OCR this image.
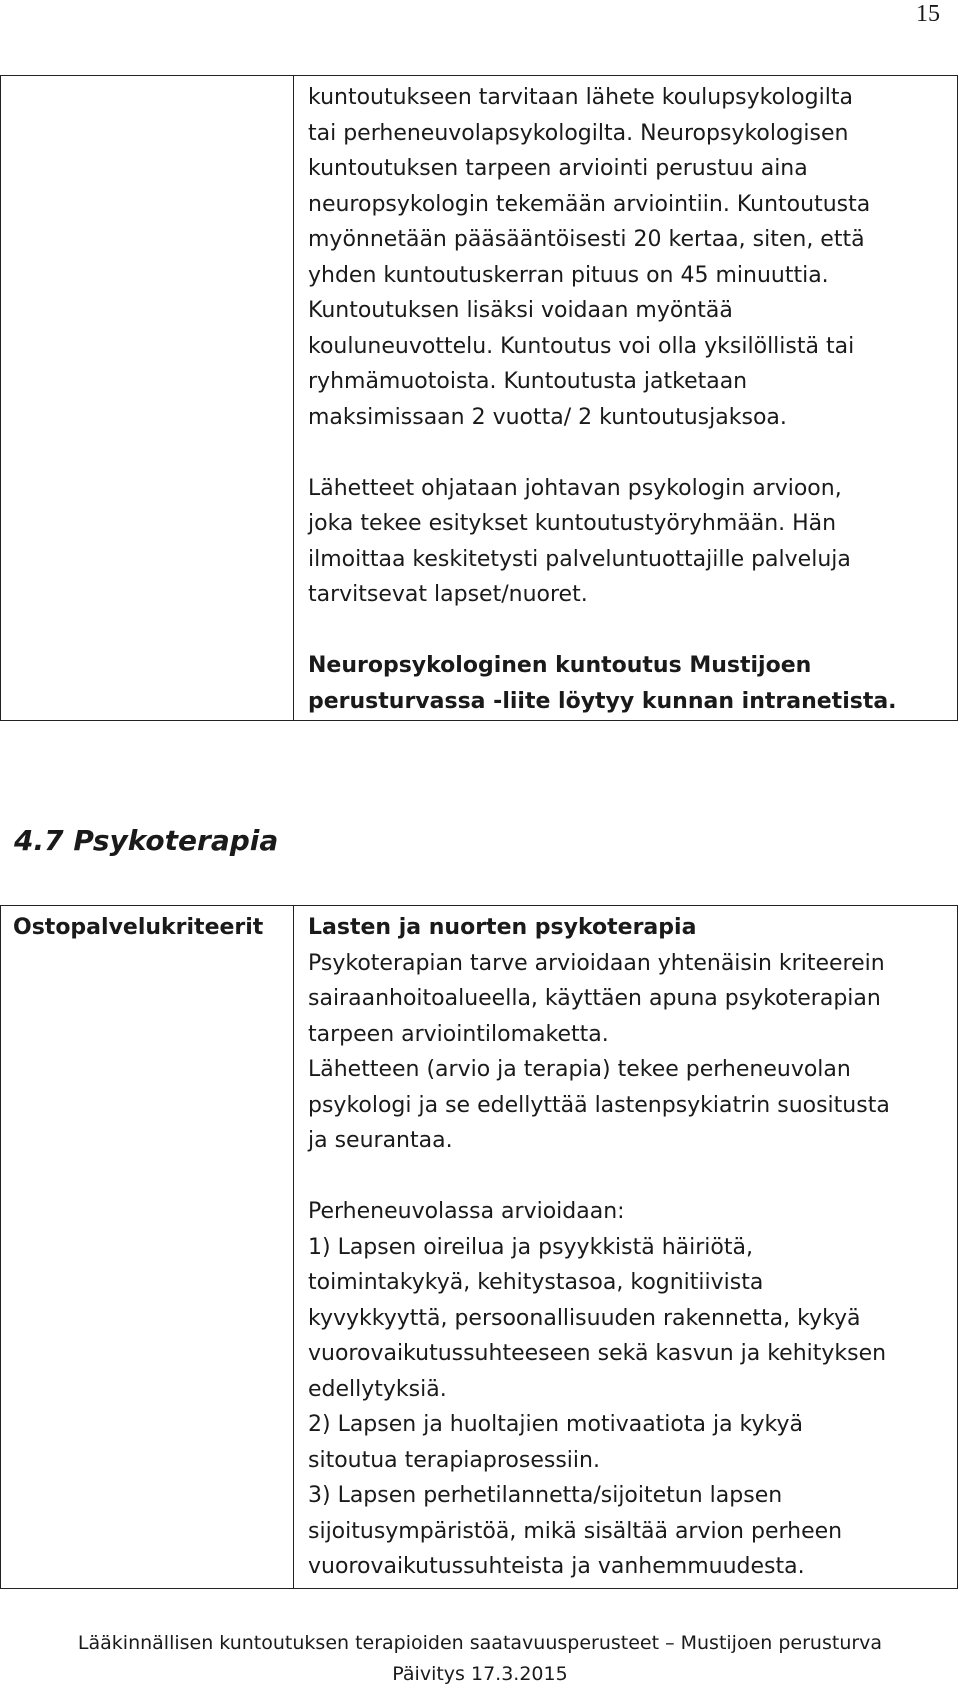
15

kuntoutukseen tarvitaan lähete koulupsykologilta

tai perheneuvolapsykologilta. Neuropsykologisen

kuntoutuksen tarpeen arviointi perustuu aina

neuropsykologin tekemään arviointiin. Kuntoutusta

myönnetään pääsääntöisesti 20 kertaa, siten, että

yhden kuntoutuskerran pituus on 45 minuuttia.

Kuntoutuksen lisäksi voidaan myöntää

kouluneuvottelu. Kuntoutus voi olla yksilöllistä tai

ryhmämuotoista. Kuntoutusta jatketaan

maksimissaan 2 vuotta/ 2 kuntoutusjaksoa.

Lähetteet ohjataan johtavan psykologin arvioon,

joka tekee esitykset kuntoutustyöryhmään. Hän

ilmoittaa keskitetysti palveluntuottajille palveluja

tarvitsevat lapset/nuoret.

Neuropsykologinen kuntoutus Mustijoen

perusturvassa -liite löytyy kunnan intranetista.

4.7 Psykoterapia
Ostopalvelukriteerit	Lasten ja nuorten psykoterapia

Psykoterapian tarve arvioidaan yhtenäisin kriteerein

sairaanhoitoalueella, käyttäen apuna psykoterapian

tarpeen arviointilomaketta.

Lähetteen (arvio ja terapia) tekee perheneuvolan

psykologi ja se edellyttää lastenpsykiatrin suositusta

ja seurantaa.

Perheneuvolassa arvioidaan:

1) Lapsen oireilua ja psyykkistä häiriötä,

toimintakykyä, kehitystasoa, kognitiivista

kyvykkyyttä, persoonallisuuden rakennetta, kykyä

vuorovaikutussuhteeseen sekä kasvun ja kehityksen

edellytyksiä.

2) Lapsen ja huoltajien motivaatiota ja kykyä

sitoutua terapiaprosessiin.

3) Lapsen perhetilannetta/sijoitetun lapsen

sijoitusympäristöä, mikä sisältää arvion perheen

vuorovaikutussuhteista ja vanhemmuudesta.

Lääkinnällisen kuntoutuksen terapioiden saatavuusperusteet – Mustijoen perusturva
Päivitys 17.3.2015
